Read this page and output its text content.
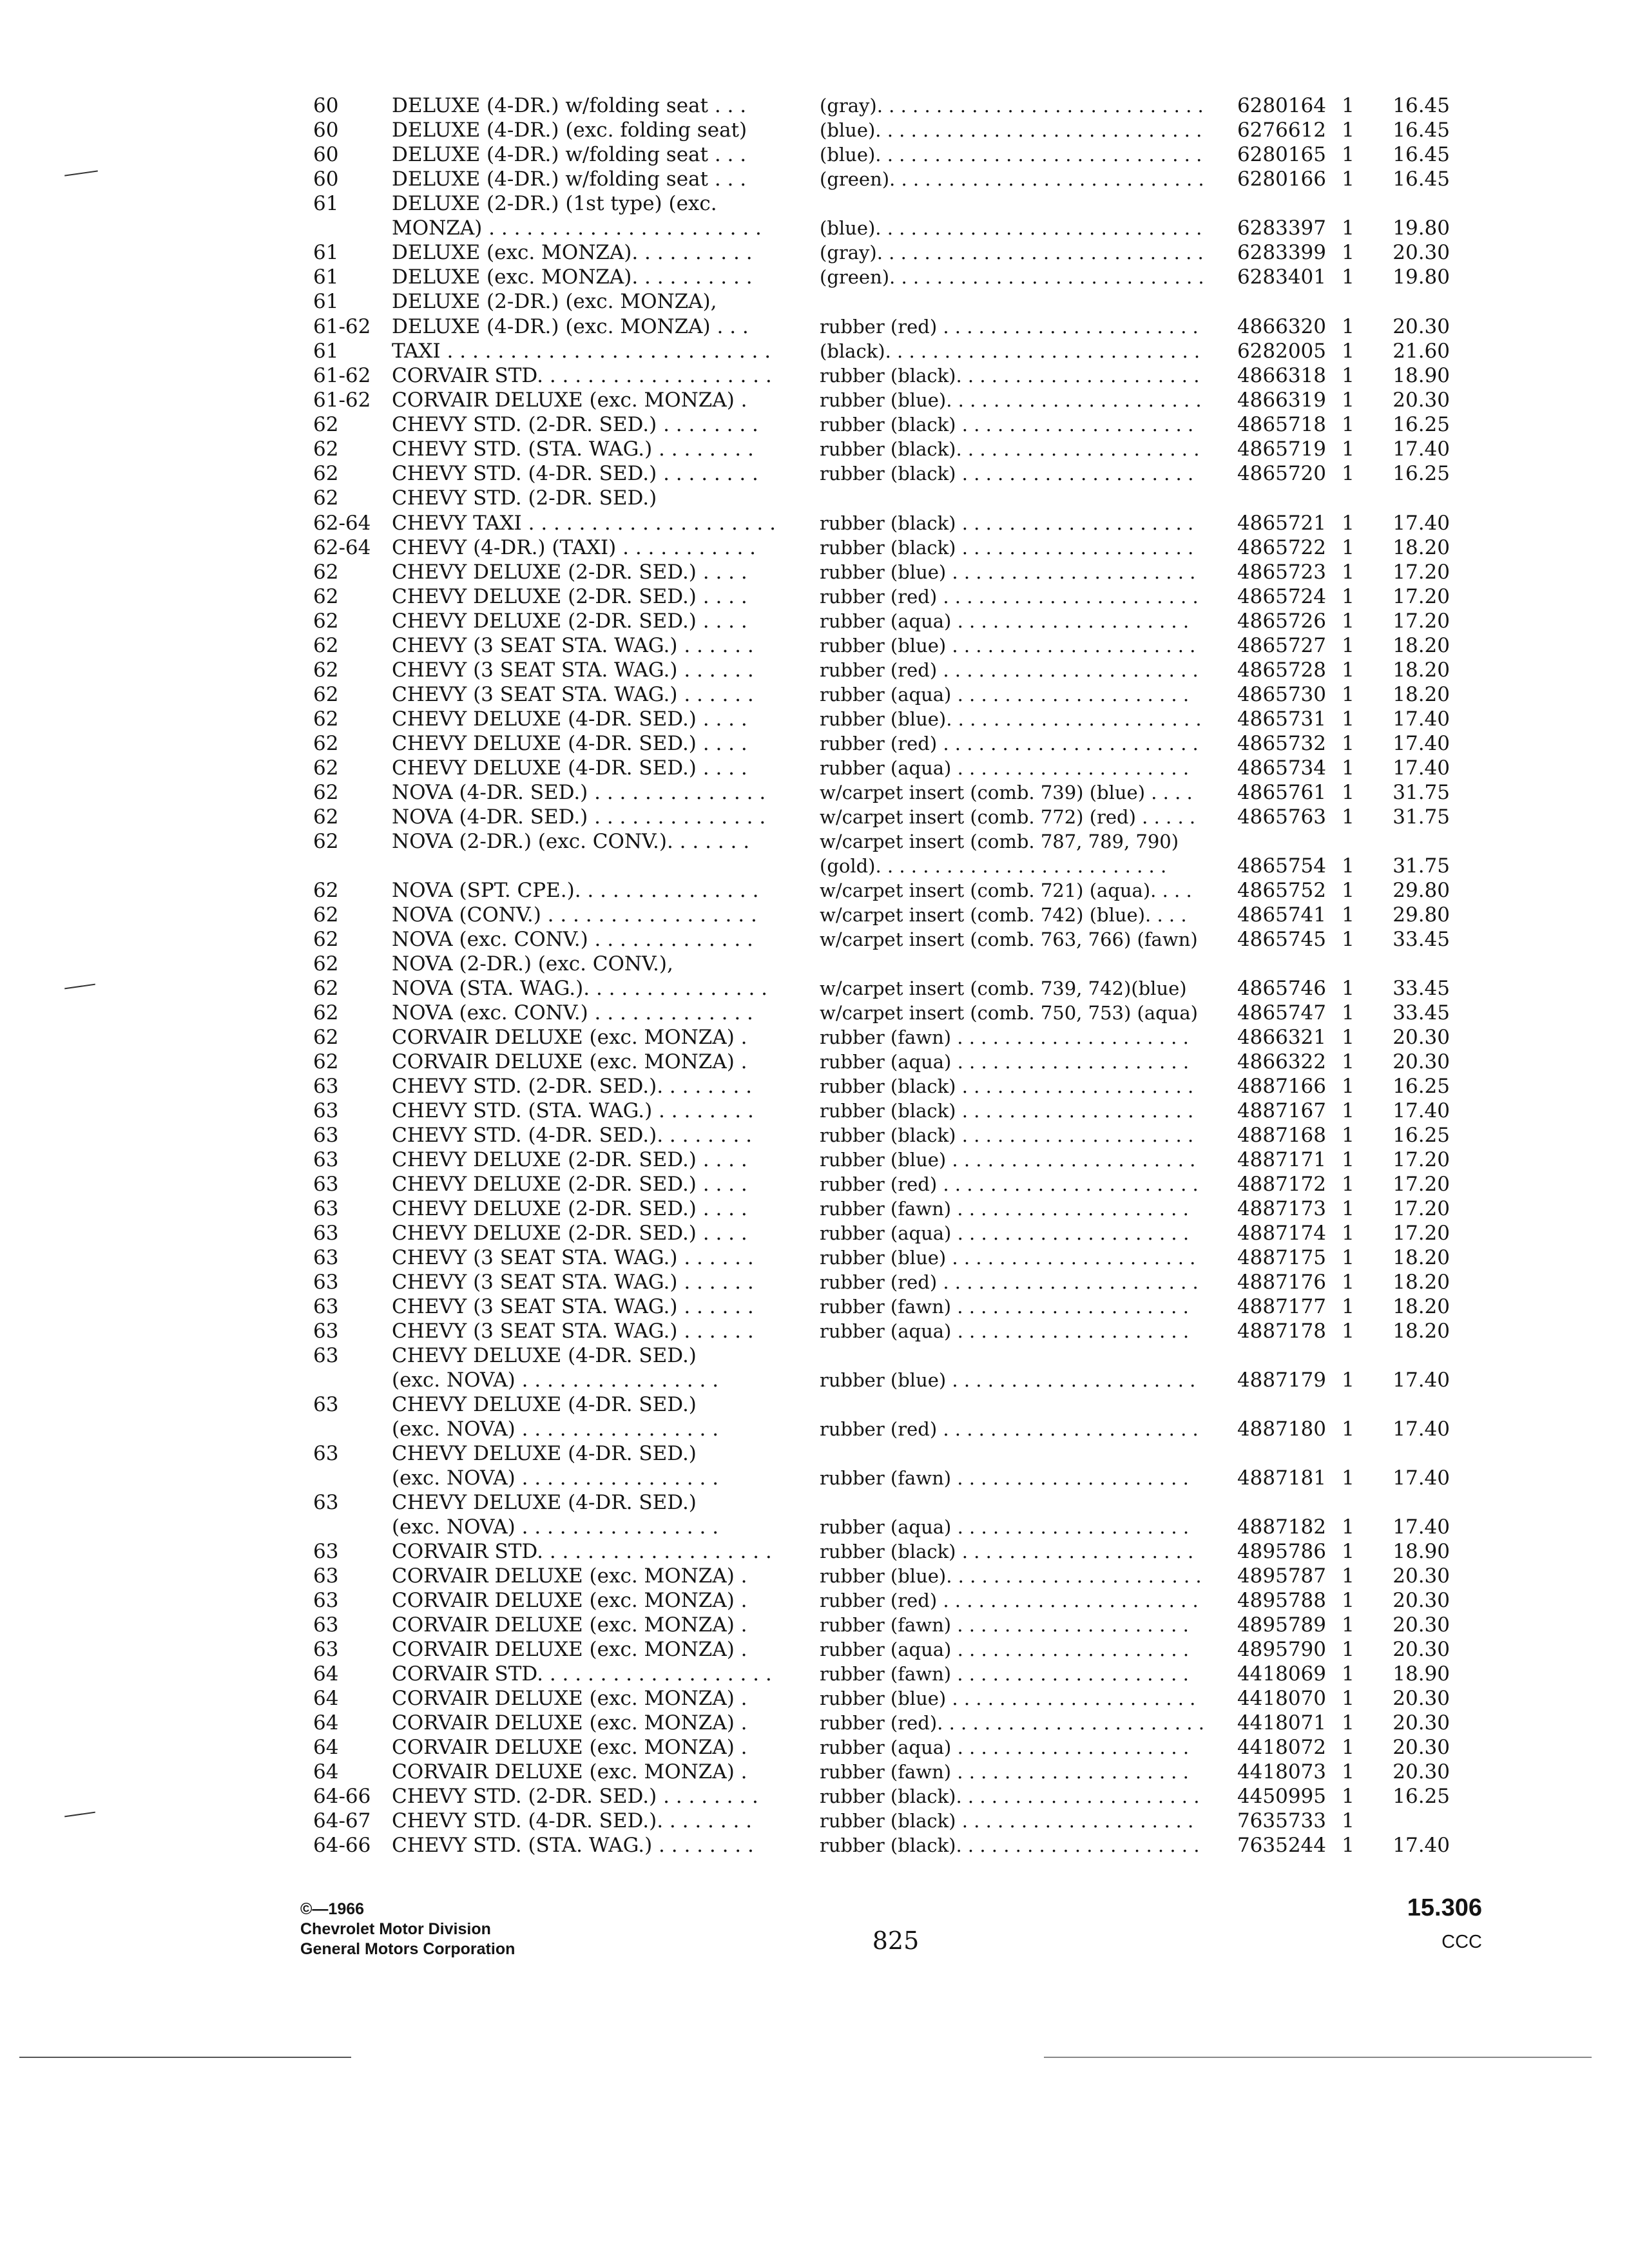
60	DELUXE (4-DR.) w/folding seat . . .	(gray). . . . . . . . . . . . . . . . . . . . . . . . . . . .	6280164 1	16.45
60	DELUXE (4-DR.) (exc. folding seat)	(blue). . . . . . . . . . . . . . . . . . . . . . . . . . . .	6276612 1	16.45
60	DELUXE (4-DR.) w/folding seat . . .	(blue). . . . . . . . . . . . . . . . . . . . . . . . . . . .	6280165 1	16.45
60	DELUXE (4-DR.) w/folding seat . . .	(green). . . . . . . . . . . . . . . . . . . . . . . . . . .	6280166 1	16.45
61	DELUXE (2-DR.) (1st type) (exc.
MONZA) . . . . . . . . . . . . . . . . . . . . . .	(blue). . . . . . . . . . . . . . . . . . . . . . . . . . . .	6283397 1	19.80
61	DELUXE (exc. MONZA). . . . . . . . . .	(gray). . . . . . . . . . . . . . . . . . . . . . . . . . . .	6283399 1	20.30
61	DELUXE (exc. MONZA). . . . . . . . . .	(green). . . . . . . . . . . . . . . . . . . . . . . . . . .	6283401 1	19.80
61	DELUXE (2-DR.) (exc. MONZA),
61-62 DELUXE (4-DR.) (exc. MONZA) . . .	rubber (red) . . . . . . . . . . . . . . . . . . . . . .	4866320 1	20.30
61	TAXI . . . . . . . . . . . . . . . . . . . . . . . . . .	(black). . . . . . . . . . . . . . . . . . . . . . . . . . .	6282005 1	21.60
61-62 CORVAIR STD. . . . . . . . . . . . . . . . . . .	rubber (black). . . . . . . . . . . . . . . . . . . . .	4866318 1	18.90
61-62 CORVAIR DELUXE (exc. MONZA) .	rubber (blue). . . . . . . . . . . . . . . . . . . . . .	4866319 1	20.30
62	CHEVY STD. (2-DR. SED.) . . . . . . . .	rubber (black) . . . . . . . . . . . . . . . . . . . .	4865718 1	16.25
62	CHEVY STD. (STA. WAG.) . . . . . . . .	rubber (black). . . . . . . . . . . . . . . . . . . . .	4865719 1	17.40
62	CHEVY STD. (4-DR. SED.) . . . . . . . .	rubber (black) . . . . . . . . . . . . . . . . . . . .	4865720 1	16.25
62	CHEVY STD. (2-DR. SED.)
62-64 CHEVY TAXI . . . . . . . . . . . . . . . . . . . . rubber (black) . . . . . . . . . . . . . . . . . . . .	4865721 1	17.40
62-64 CHEVY (4-DR.) (TAXI) . . . . . . . . . . .	rubber (black) . . . . . . . . . . . . . . . . . . . .	4865722 1	18.20
62	CHEVY DELUXE (2-DR. SED.) . . . .	rubber (blue) . . . . . . . . . . . . . . . . . . . . .	4865723 1	17.20
62	CHEVY DELUXE (2-DR. SED.) . . . .	rubber (red) . . . . . . . . . . . . . . . . . . . . . .	4865724 1	17.20
62	CHEVY DELUXE (2-DR. SED.) . . . .	rubber (aqua) . . . . . . . . . . . . . . . . . . . .	4865726 1	17.20
62	CHEVY (3 SEAT STA. WAG.) . . . . . .	rubber (blue) . . . . . . . . . . . . . . . . . . . . .	4865727 1	18.20
62	CHEVY (3 SEAT STA. WAG.) . . . . . .	rubber (red) . . . . . . . . . . . . . . . . . . . . . .	4865728 1	18.20
62	CHEVY (3 SEAT STA. WAG.) . . . . . .	rubber (aqua) . . . . . . . . . . . . . . . . . . . .	4865730 1	18.20
62	CHEVY DELUXE (4-DR. SED.) . . . .	rubber (blue). . . . . . . . . . . . . . . . . . . . . .	4865731 1	17.40
62	CHEVY DELUXE (4-DR. SED.) . . . .	rubber (red) . . . . . . . . . . . . . . . . . . . . . .	4865732 1	17.40
62	CHEVY DELUXE (4-DR. SED.) . . . .	rubber (aqua) . . . . . . . . . . . . . . . . . . . .	4865734 1	17.40
62	NOVA (4-DR. SED.) . . . . . . . . . . . . . .	w/carpet insert (comb. 739) (blue) . . . .	4865761 1	31.75
62	NOVA (4-DR. SED.) . . . . . . . . . . . . . .	w/carpet insert (comb. 772) (red) . . . . .	4865763 1	31.75
62	NOVA (2-DR.) (exc. CONV.). . . . . . .	w/carpet insert (comb. 787, 789, 790)
(gold). . . . . . . . . . . . . . . . . . . . . . . . .	4865754 1	31.75
62	NOVA (SPT. CPE.). . . . . . . . . . . . . . .	w/carpet insert (comb. 721) (aqua). . . .	4865752 1	29.80
62	NOVA (CONV.) . . . . . . . . . . . . . . . . .	w/carpet insert (comb. 742) (blue). . . .	4865741 1	29.80
62	NOVA (exc. CONV.) . . . . . . . . . . . . .	w/carpet insert (comb. 763, 766) (fawn)	4865745 1	33.45
62	NOVA (2-DR.) (exc. CONV.),
62	NOVA (STA. WAG.). . . . . . . . . . . . . . .	w/carpet insert (comb. 739, 742)(blue)	4865746 1	33.45
62	NOVA (exc. CONV.) . . . . . . . . . . . . .	w/carpet insert (comb. 750, 753) (aqua)	4865747 1	33.45
62	CORVAIR DELUXE (exc. MONZA) .	rubber (fawn) . . . . . . . . . . . . . . . . . . . .	4866321 1	20.30
62	CORVAIR DELUXE (exc. MONZA) .	rubber (aqua) . . . . . . . . . . . . . . . . . . . .	4866322 1	20.30
63	CHEVY STD. (2-DR. SED.). . . . . . . .	rubber (black) . . . . . . . . . . . . . . . . . . . .	4887166 1	16.25
63	CHEVY STD. (STA. WAG.) . . . . . . . .	rubber (black) . . . . . . . . . . . . . . . . . . . .	4887167 1	17.40
63	CHEVY STD. (4-DR. SED.). . . . . . . .	rubber (black) . . . . . . . . . . . . . . . . . . . .	4887168 1	16.25
63	CHEVY DELUXE (2-DR. SED.) . . . .	rubber (blue) . . . . . . . . . . . . . . . . . . . . .	4887171 1	17.20
63	CHEVY DELUXE (2-DR. SED.) . . . .	rubber (red) . . . . . . . . . . . . . . . . . . . . . .	4887172 1	17.20
63	CHEVY DELUXE (2-DR. SED.) . . . .	rubber (fawn) . . . . . . . . . . . . . . . . . . . .	4887173 1	17.20
63	CHEVY DELUXE (2-DR. SED.) . . . .	rubber (aqua) . . . . . . . . . . . . . . . . . . . .	4887174 1	17.20
63	CHEVY (3 SEAT STA. WAG.) . . . . . .	rubber (blue) . . . . . . . . . . . . . . . . . . . . .	4887175 1	18.20
63	CHEVY (3 SEAT STA. WAG.) . . . . . .	rubber (red) . . . . . . . . . . . . . . . . . . . . . .	4887176 1	18.20
63	CHEVY (3 SEAT STA. WAG.) . . . . . .	rubber (fawn) . . . . . . . . . . . . . . . . . . . .	4887177 1	18.20
63	CHEVY (3 SEAT STA. WAG.) . . . . . .	rubber (aqua) . . . . . . . . . . . . . . . . . . . .	4887178 1	18.20
63	CHEVY DELUXE (4-DR. SED.)
(exc. NOVA) . . . . . . . . . . . . . . . .	rubber (blue) . . . . . . . . . . . . . . . . . . . . .	4887179 1	17.40
63	CHEVY DELUXE (4-DR. SED.)
(exc. NOVA) . . . . . . . . . . . . . . . .	rubber (red) . . . . . . . . . . . . . . . . . . . . . .	4887180 1	17.40
63	CHEVY DELUXE (4-DR. SED.)
(exc. NOVA) . . . . . . . . . . . . . . . .	rubber (fawn) . . . . . . . . . . . . . . . . . . . .	4887181 1	17.40
63	CHEVY DELUXE (4-DR. SED.)
(exc. NOVA) . . . . . . . . . . . . . . . .	rubber (aqua) . . . . . . . . . . . . . . . . . . . .	4887182 1	17.40
63	CORVAIR STD. . . . . . . . . . . . . . . . . . .	rubber (black) . . . . . . . . . . . . . . . . . . . .	4895786 1	18.90
63	CORVAIR DELUXE (exc. MONZA) .	rubber (blue). . . . . . . . . . . . . . . . . . . . . .	4895787 1	20.30
63	CORVAIR DELUXE (exc. MONZA) .	rubber (red) . . . . . . . . . . . . . . . . . . . . . .	4895788 1	20.30
63	CORVAIR DELUXE (exc. MONZA) .	rubber (fawn) . . . . . . . . . . . . . . . . . . . .	4895789 1	20.30
63	CORVAIR DELUXE (exc. MONZA) .	rubber (aqua) . . . . . . . . . . . . . . . . . . . .	4895790 1	20.30
64	CORVAIR STD. . . . . . . . . . . . . . . . . . .	rubber (fawn) . . . . . . . . . . . . . . . . . . . .	4418069 1	18.90
64	CORVAIR DELUXE (exc. MONZA) .	rubber (blue) . . . . . . . . . . . . . . . . . . . . .	4418070 1	20.30
64	CORVAIR DELUXE (exc. MONZA) .	rubber (red). . . . . . . . . . . . . . . . . . . . . . .	4418071 1	20.30
64	CORVAIR DELUXE (exc. MONZA) .	rubber (aqua) . . . . . . . . . . . . . . . . . . . .	4418072 1	20.30
64	CORVAIR DELUXE (exc. MONZA) .	rubber (fawn) . . . . . . . . . . . . . . . . . . . .	4418073 1	20.30
64-66 CHEVY STD. (2-DR. SED.) . . . . . . . .	rubber (black). . . . . . . . . . . . . . . . . . . . .	4450995 1	16.25
64-67 CHEVY STD. (4-DR. SED.). . . . . . . .	rubber (black) . . . . . . . . . . . . . . . . . . . .	7635733 1
64-66 CHEVY STD. (STA. WAG.) . . . . . . . .	rubber (black). . . . . . . . . . . . . . . . . . . . .	7635244 1	17.40
©—1966
Chevrolet Motor Division
General Motors Corporation	825
15.306
CCC
